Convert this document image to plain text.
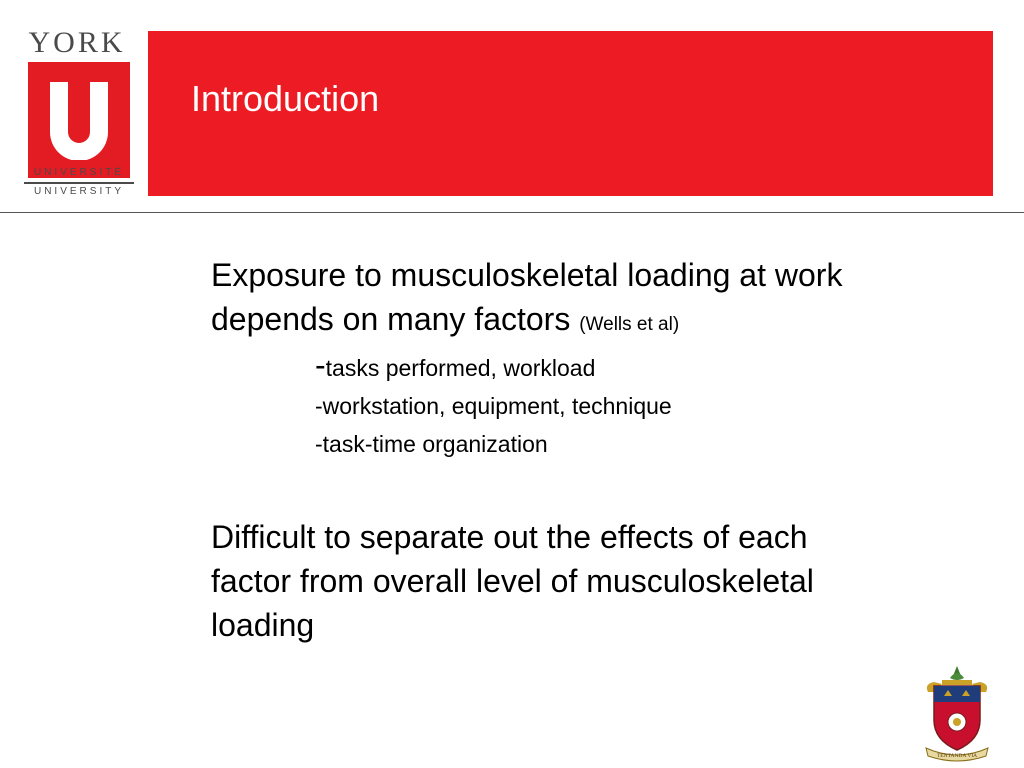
YORK
UNIVERSITÉ
UNIVERSITY
Introduction

Exposure to musculoskeletal loading at work depends on many factors (Wells et al)

-tasks performed, workload
-workstation, equipment, technique
-task-time organization

Difficult to separate out the effects of each factor from overall level of musculoskeletal loading

TENTANDA VIA
